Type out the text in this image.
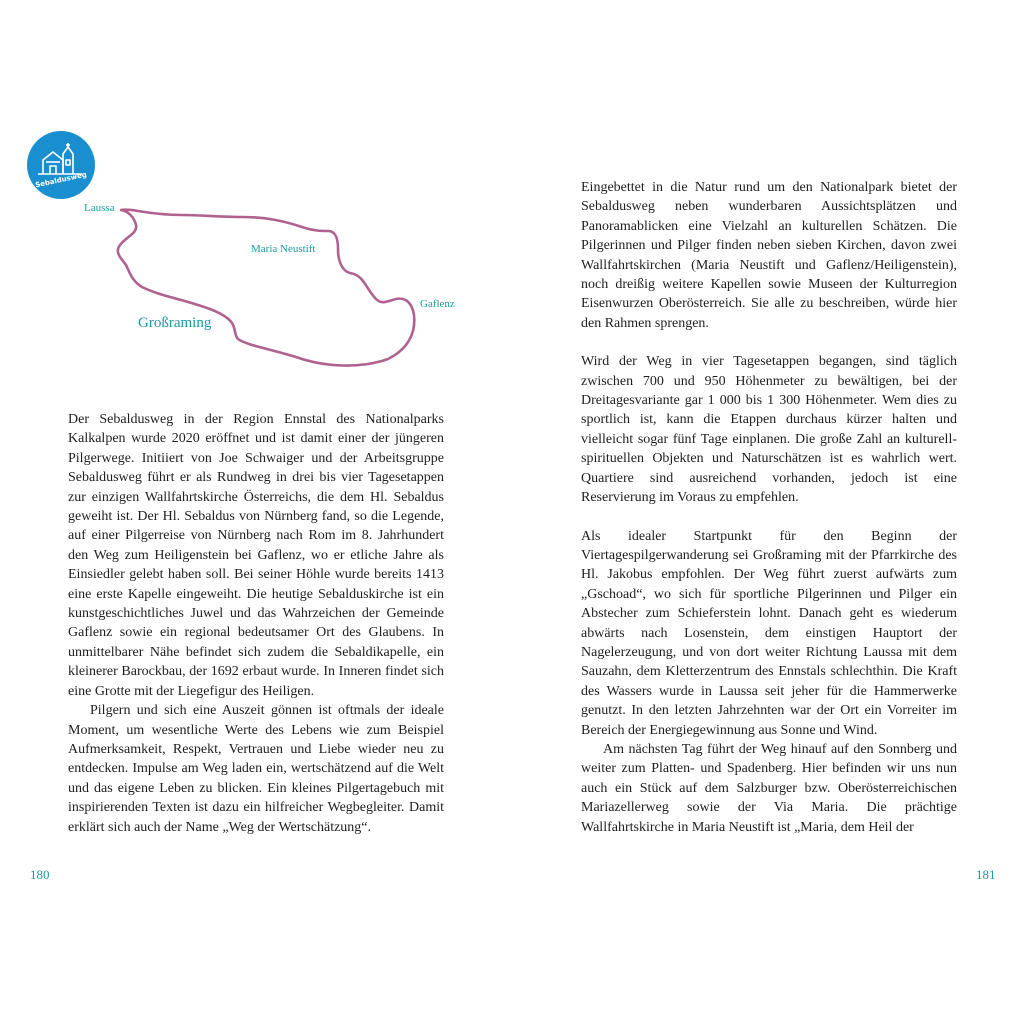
Sebaldusweg
Laussa
Maria Neustift
Gaflenz
Großraming

Der Sebaldusweg in der Region Ennstal des Nationalparks Kalkalpen wurde 2020 eröffnet und ist damit einer der jüngeren Pilgerwege. Initiiert von Joe Schwaiger und der Arbeitsgruppe Sebaldusweg führt er als Rundweg in drei bis vier Tagesetappen zur einzigen Wallfahrtskirche Österreichs, die dem Hl. Sebaldus geweiht ist. Der Hl. Sebaldus von Nürnberg fand, so die Legende, auf einer Pilgerreise von Nürnberg nach Rom im 8. Jahrhundert den Weg zum Heiligenstein bei Gaflenz, wo er etliche Jahre als Einsiedler gelebt haben soll. Bei seiner Höhle wurde bereits 1413 eine erste Kapelle eingeweiht. Die heutige Sebalduskirche ist ein kunstgeschichtliches Juwel und das Wahrzeichen der Gemeinde Gaflenz sowie ein regional bedeutsamer Ort des Glaubens. In unmittelbarer Nähe befindet sich zudem die Sebaldikapelle, ein kleinerer Barockbau, der 1692 erbaut wurde. In Inneren findet sich eine Grotte mit der Liegefigur des Heiligen.

Pilgern und sich eine Auszeit gönnen ist oftmals der ideale Moment, um wesentliche Werte des Lebens wie zum Beispiel Aufmerksamkeit, Respekt, Vertrauen und Liebe wieder neu zu entdecken. Impulse am Weg laden ein, wertschätzend auf die Welt und das eigene Leben zu blicken. Ein kleines Pilgertagebuch mit inspirierenden Texten ist dazu ein hilfreicher Wegbegleiter. Damit erklärt sich auch der Name „Weg der Wertschätzung“.

180

Eingebettet in die Natur rund um den Nationalpark bietet der Sebaldusweg neben wunderbaren Aussichtsplätzen und Panoramablicken eine Vielzahl an kulturellen Schätzen. Die Pilgerinnen und Pilger finden neben sieben Kirchen, davon zwei Wallfahrtskirchen (Maria Neustift und Gaflenz/Heiligenstein), noch dreißig weitere Kapellen sowie Museen der Kulturregion Eisenwurzen Oberösterreich. Sie alle zu beschreiben, würde hier den Rahmen sprengen.

Wird der Weg in vier Tagesetappen begangen, sind täglich zwischen 700 und 950 Höhenmeter zu bewältigen, bei der Dreitagesvariante gar 1 000 bis 1 300 Höhenmeter. Wem dies zu sportlich ist, kann die Etappen durchaus kürzer halten und vielleicht sogar fünf Tage einplanen. Die große Zahl an kulturell-spirituellen Objekten und Naturschätzen ist es wahrlich wert. Quartiere sind ausreichend vorhanden, jedoch ist eine Reservierung im Voraus zu empfehlen.

Als idealer Startpunkt für den Beginn der Viertagespilgerwanderung sei Großraming mit der Pfarrkirche des Hl. Jakobus empfohlen. Der Weg führt zuerst aufwärts zum „Gschoad“, wo sich für sportliche Pilgerinnen und Pilger ein Abstecher zum Schieferstein lohnt. Danach geht es wiederum abwärts nach Losenstein, dem einstigen Hauptort der Nagelerzeugung, und von dort weiter Richtung Laussa mit dem Sauzahn, dem Kletterzentrum des Ennstals schlechthin. Die Kraft des Wassers wurde in Laussa seit jeher für die Hammerwerke genutzt. In den letzten Jahrzehnten war der Ort ein Vorreiter im Bereich der Energiegewinnung aus Sonne und Wind.

Am nächsten Tag führt der Weg hinauf auf den Sonnberg und weiter zum Platten- und Spadenberg. Hier befinden wir uns nun auch ein Stück auf dem Salzburger bzw. Oberösterreichischen Mariazellerweg sowie der Via Maria. Die prächtige Wallfahrtskirche in Maria Neustift ist „Maria, dem Heil der

181
